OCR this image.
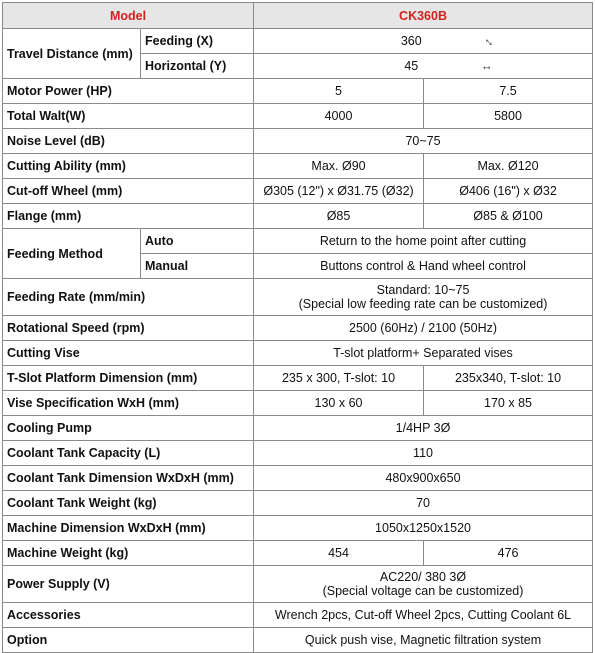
Model		CK360B	
Travel Distance (mm)	Feeding (X)	360 ↔	
	Horizontal (Y)	45 ↔	
Motor Power (HP)		5	7.5
Total Walt(W)		4000	5800
Noise Level (dB)		70~75	
Cutting Ability (mm)		Max. Ø90	Max. Ø120
Cut-off Wheel (mm)		Ø305 (12") x Ø31.75 (Ø32)	Ø406 (16") x Ø32
Flange (mm)		Ø85	Ø85 & Ø100
Feeding Method	Auto	Return to the home point after cutting	
	Manual	Buttons control & Hand wheel control	
Feeding Rate (mm/min)		Standard: 10~75
(Special low feeding rate can be customized)	

Rotational Speed (rpm)		2500 (60Hz) / 2100 (50Hz)	
Cutting Vise		T-slot platform+ Separated vises	
T-Slot Platform Dimension (mm)		235 x 300, T-slot: 10	235x340, T-slot: 10
Vise Specification WxH (mm)		130 x 60	170 x 85
Cooling Pump		1/4HP 3Ø	
Coolant Tank Capacity (L)		110	
Coolant Tank Dimension WxDxH (mm)		480x900x650	
Coolant Tank Weight (kg)		70	
Machine Dimension WxDxH (mm)		1050x1250x1520	
Machine Weight (kg)		454	476
Power Supply (V)		AC220/ 380 3Ø
(Special voltage can be customized)	

Accessories		Wrench 2pcs, Cut-off Wheel 2pcs, Cutting Coolant 6L	
Option		Quick push vise, Magnetic filtration system	
